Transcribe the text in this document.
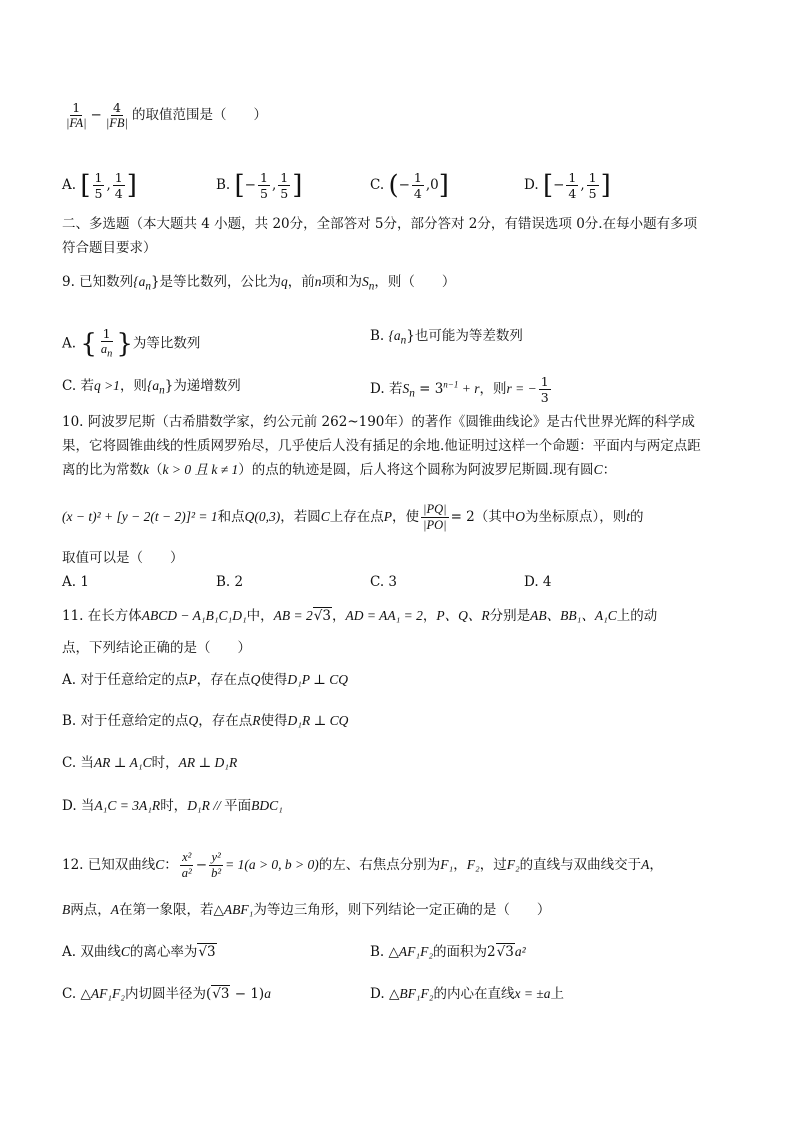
$\frac{1}{|FA|} - \frac{4}{|FB|}$ 的取值范围是（　　）
A. [ $\frac{1}{5}$ , $\frac{1}{4}$ ]	B. [− $\frac{1}{5}$ , $\frac{1}{5}$ ]	C. (− $\frac{1}{4} ,0$]	D. [− $\frac{1}{4}$ , $\frac{1}{5}$ ]
二、多选题（本大题共 4 小题，共 20分，全部答对 5分，部分答对 2分，有错误选项 0分.在每小题有多项
符合题目要求）
9. 已知数列$\{a_n\}$是等比数列，公比为q，前n项和为$S_n$，则（　　）
A. { $\frac{1}{a_n}$ }为等比数列	B. $\{a_n\}$也可能为等差数列
C. 若q >1，则$\{a_n\}$为递增数列	D. 若$S_n = 3^{n-1} + r$，则r = − $\frac{1}{3}$
10. 阿波罗尼斯（古希腊数学家，约公元前 262~190年）的著作《圆锥曲线论》是古代世界光辉的科学成
果，它将圆锥曲线的性质网罗殆尽，几乎使后人没有插足的余地.他证明过这样一个命题：平面内与两定点距
离的比为常数k（k > 0 且 k ≠ 1）的点的轨迹是圆，后人将这个圆称为阿波罗尼斯圆.现有圆C：
(x − t)² + [y − 2(t − 2)]² = 1和点Q(0,3)，若圆C上存在点P，使 $\frac{|PQ|}{|PO|} = 2$（其中O为坐标原点），则t的
取值可以是（　　）
A. 1	B. 2	C. 3	D. 4
11. 在长方体ABCD − A₁B₁C₁D₁中，AB = 2√3，AD = AA₁ = 2，P、Q、R分别是AB、BB₁、A₁C上的动
点，下列结论正确的是（　　）
A. 对于任意给定的点P，存在点Q使得D₁P ⊥ CQ
B. 对于任意给定的点Q，存在点R使得D₁R ⊥ CQ
C. 当AR ⊥ A₁C时，AR ⊥ D₁R
D. 当A₁C = 3A₁R时，D₁R // 平面BDC₁
12. 已知双曲线C： $\frac{\text{x²}}{\text{a²}} - \frac{\text{y²}}{\text{b²}} = 1(a > 0$, b > 0)的左、右焦点分别为F₁，F₂，过F₂的直线与双曲线交于A，
B两点，A在第一象限，若△ABF₁为等边三角形，则下列结论一定正确的是（　　）
A. 双曲线C的离心率为√3	B. △AF₁F₂的面积为2√3a²
C. △AF₁F₂内切圆半径为(√3 − 1)a	D. △BF₁F₂的内心在直线x = ±a上
